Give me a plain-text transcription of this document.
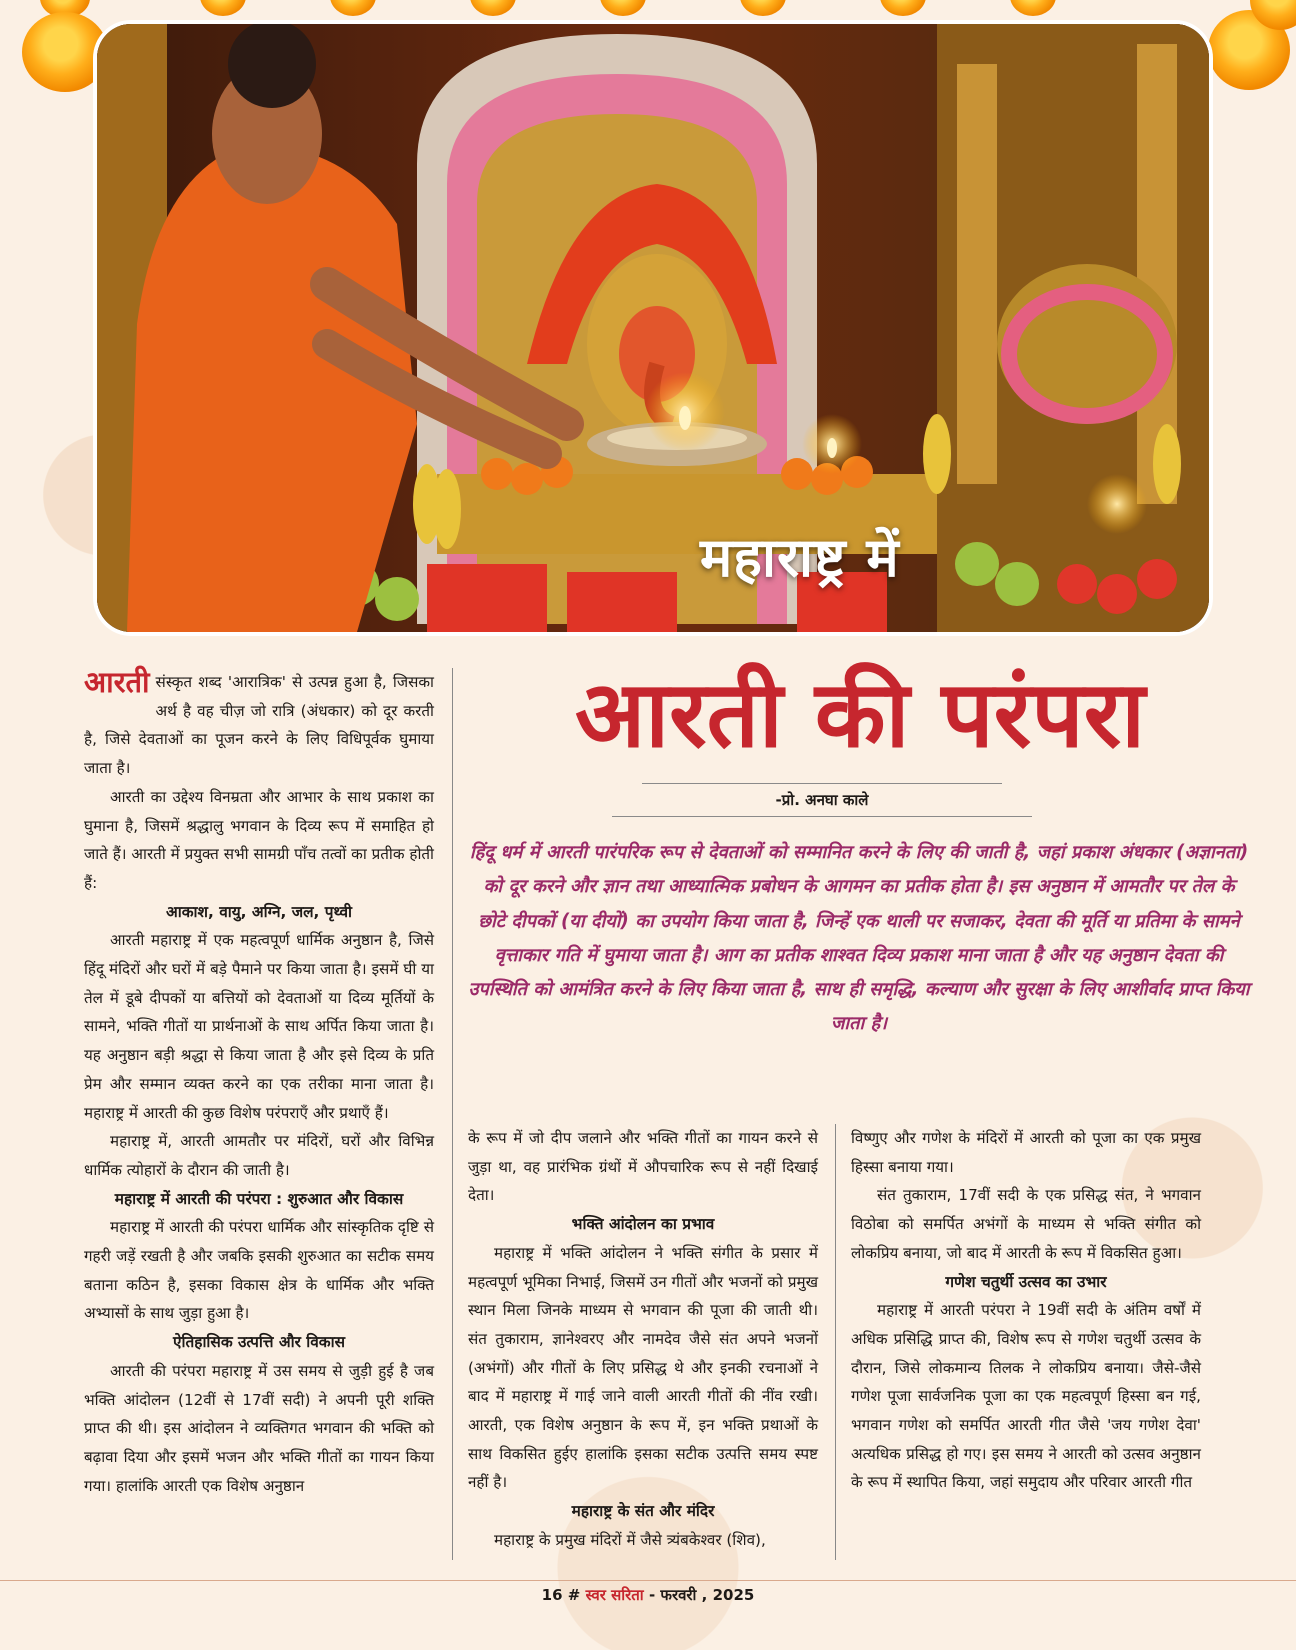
महाराष्ट्र में
आरती की परंपरा
-प्रो. अनघा काले
हिंदू धर्म में आरती पारंपरिक रूप से देवताओं को सम्मानित करने के लिए की जाती है, जहां प्रकाश अंधकार (अज्ञानता) को दूर करने और ज्ञान तथा आध्यात्मिक प्रबोधन के आगमन का प्रतीक होता है। इस अनुष्ठान में आमतौर पर तेल के छोटे दीपकों (या दीयों) का उपयोग किया जाता है, जिन्हें एक थाली पर सजाकर, देवता की मूर्ति या प्रतिमा के सामने वृत्ताकार गति में घुमाया जाता है। आग का प्रतीक शाश्वत दिव्य प्रकाश माना जाता है और यह अनुष्ठान देवता की उपस्थिति को आमंत्रित करने के लिए किया जाता है, साथ ही समृद्धि, कल्याण और सुरक्षा के लिए आशीर्वाद प्राप्त किया जाता है।

आरती संस्कृत शब्द 'आरात्रिक' से उत्पन्न हुआ है, जिसका अर्थ है वह चीज़ जो रात्रि (अंधकार) को दूर करती है, जिसे देवताओं का पूजन करने के लिए विधिपूर्वक घुमाया जाता है।

आरती का उद्देश्य विनम्रता और आभार के साथ प्रकाश का घुमाना है, जिसमें श्रद्धालु भगवान के दिव्य रूप में समाहित हो जाते हैं। आरती में प्रयुक्त सभी सामग्री पाँच तत्वों का प्रतीक होती हैं:

आकाश, वायु, अग्नि, जल, पृथ्वी

आरती महाराष्ट्र में एक महत्वपूर्ण धार्मिक अनुष्ठान है, जिसे हिंदू मंदिरों और घरों में बड़े पैमाने पर किया जाता है। इसमें घी या तेल में डूबे दीपकों या बत्तियों को देवताओं या दिव्य मूर्तियों के सामने, भक्ति गीतों या प्रार्थनाओं के साथ अर्पित किया जाता है। यह अनुष्ठान बड़ी श्रद्धा से किया जाता है और इसे दिव्य के प्रति प्रेम और सम्मान व्यक्त करने का एक तरीका माना जाता है। महाराष्ट्र में आरती की कुछ विशेष परंपराएँ और प्रथाएँ हैं।

महाराष्ट्र में, आरती आमतौर पर मंदिरों, घरों और विभिन्न धार्मिक त्योहारों के दौरान की जाती है।

महाराष्ट्र में आरती की परंपरा : शुरुआत और विकास

महाराष्ट्र में आरती की परंपरा धार्मिक और सांस्कृतिक दृष्टि से गहरी जड़ें रखती है और जबकि इसकी शुरुआत का सटीक समय बताना कठिन है, इसका विकास क्षेत्र के धार्मिक और भक्ति अभ्यासों के साथ जुड़ा हुआ है।

ऐतिहासिक उत्पत्ति और विकास

आरती की परंपरा महाराष्ट्र में उस समय से जुड़ी हुई है जब भक्ति आंदोलन (12वीं से 17वीं सदी) ने अपनी पूरी शक्ति प्राप्त की थी। इस आंदोलन ने व्यक्तिगत भगवान की भक्ति को बढ़ावा दिया और इसमें भजन और भक्ति गीतों का गायन किया गया। हालांकि आरती एक विशेष अनुष्ठान

के रूप में जो दीप जलाने और भक्ति गीतों का गायन करने से जुड़ा था, वह प्रारंभिक ग्रंथों में औपचारिक रूप से नहीं दिखाई देता।

भक्ति आंदोलन का प्रभाव

महाराष्ट्र में भक्ति आंदोलन ने भक्ति संगीत के प्रसार में महत्वपूर्ण भूमिका निभाई, जिसमें उन गीतों और भजनों को प्रमुख स्थान मिला जिनके माध्यम से भगवान की पूजा की जाती थी। संत तुकाराम, ज्ञानेश्वरए और नामदेव जैसे संत अपने भजनों (अभंगों) और गीतों के लिए प्रसिद्ध थे और इनकी रचनाओं ने बाद में महाराष्ट्र में गाई जाने वाली आरती गीतों की नींव रखी। आरती, एक विशेष अनुष्ठान के रूप में, इन भक्ति प्रथाओं के साथ विकसित हुईए हालांकि इसका सटीक उत्पत्ति समय स्पष्ट नहीं है।

महाराष्ट्र के संत और मंदिर

महाराष्ट्र के प्रमुख मंदिरों में जैसे त्र्यंबकेश्वर (शिव),

विष्णुए और गणेश के मंदिरों में आरती को पूजा का एक प्रमुख हिस्सा बनाया गया।

संत तुकाराम, 17वीं सदी के एक प्रसिद्ध संत, ने भगवान विठोबा को समर्पित अभंगों के माध्यम से भक्ति संगीत को लोकप्रिय बनाया, जो बाद में आरती के रूप में विकसित हुआ।

गणेश चतुर्थी उत्सव का उभार

महाराष्ट्र में आरती परंपरा ने 19वीं सदी के अंतिम वर्षों में अधिक प्रसिद्धि प्राप्त की, विशेष रूप से गणेश चतुर्थी उत्सव के दौरान, जिसे लोकमान्य तिलक ने लोकप्रिय बनाया। जैसे-जैसे गणेश पूजा सार्वजनिक पूजा का एक महत्वपूर्ण हिस्सा बन गई, भगवान गणेश को समर्पित आरती गीत जैसे 'जय गणेश देवा' अत्यधिक प्रसिद्ध हो गए। इस समय ने आरती को उत्सव अनुष्ठान के रूप में स्थापित किया, जहां समुदाय और परिवार आरती गीत

16 # स्वर सरिता - फरवरी , 2025
